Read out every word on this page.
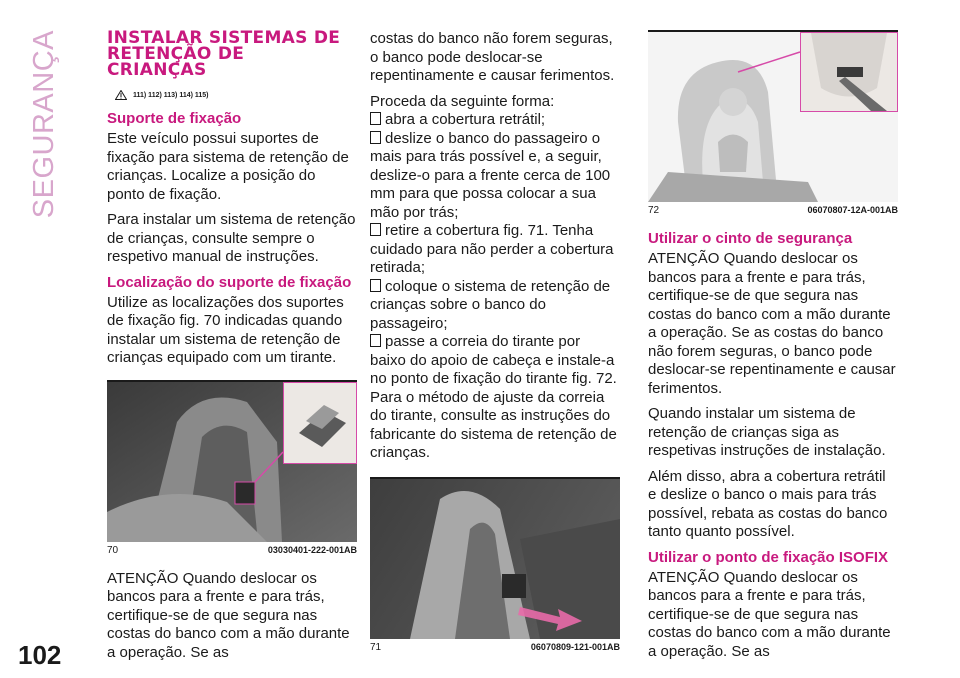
SEGURANÇA
102
INSTALAR SISTEMAS DE
RETENÇÃO DE
CRIANÇAS
111) 112) 113) 114) 115)
Suporte de fixação

Este veículo possui suportes de fixação para sistema de retenção de crianças. Localize a posição do ponto de fixação.

Para instalar um sistema de retenção de crianças, consulte sempre o respetivo manual de instruções.

Localização do suporte de fixação

Utilize as localizações dos suportes de fixação fig. 70 indicadas quando instalar um sistema de retenção de crianças equipado com um tirante.

70	03030401-222-001AB

ATENÇÃO Quando deslocar os bancos para a frente e para trás, certifique-se de que segura nas costas do banco com a mão durante a operação. Se as

costas do banco não forem seguras, o banco pode deslocar-se repentinamente e causar ferimentos.

Proceda da seguinte forma:

abra a cobertura retrátil;
deslize o banco do passageiro o mais para trás possível e, a seguir, deslize-o para a frente cerca de 100 mm para que possa colocar a sua mão por trás;
retire a cobertura fig. 71. Tenha cuidado para não perder a cobertura retirada;
coloque o sistema de retenção de crianças sobre o banco do passageiro;
passe a correia do tirante por baixo do apoio de cabeça e instale-a no ponto de fixação do tirante fig. 72. Para o método de ajuste da correia do tirante, consulte as instruções do fabricante do sistema de retenção de crianças.
71	06070809-121-001AB
72	06070807-12A-001AB
Utilizar o cinto de segurança

ATENÇÃO Quando deslocar os bancos para a frente e para trás, certifique-se de que segura nas costas do banco com a mão durante a operação. Se as costas do banco não forem seguras, o banco pode deslocar-se repentinamente e causar ferimentos.

Quando instalar um sistema de retenção de crianças siga as respetivas instruções de instalação.

Além disso, abra a cobertura retrátil e deslize o banco o mais para trás possível, rebata as costas do banco tanto quanto possível.

Utilizar o ponto de fixação ISOFIX

ATENÇÃO Quando deslocar os bancos para a frente e para trás, certifique-se de que segura nas costas do banco com a mão durante a operação. Se as
